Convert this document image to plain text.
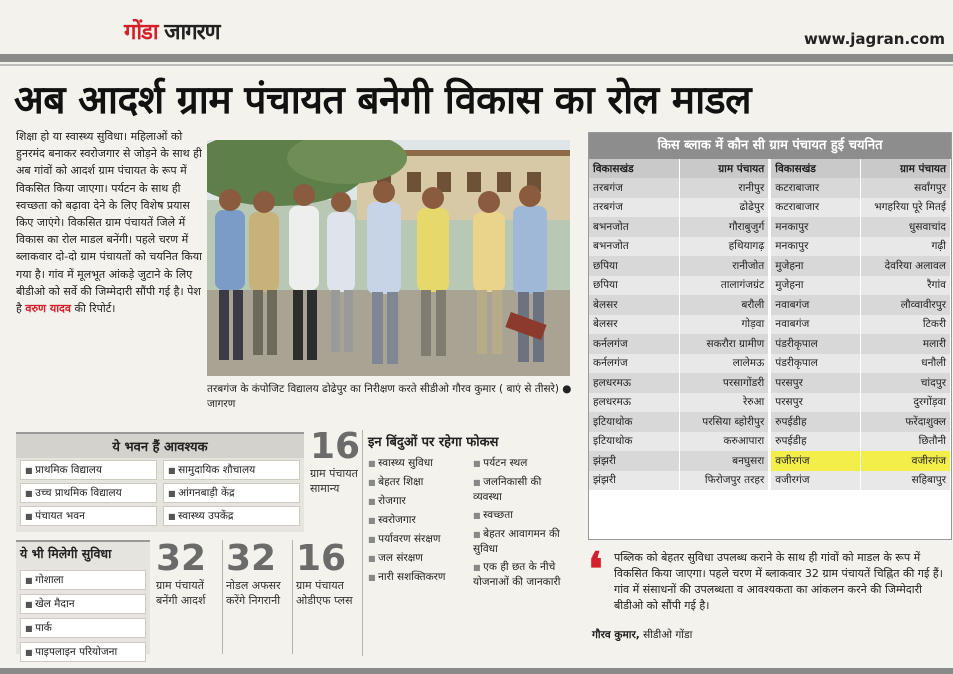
गोंडा जागरण	www.jagran.com
अब आदर्श ग्राम पंचायत बनेगी विकास का रोल माडल
शिक्षा हो या स्वास्थ्य सुविधा। महिलाओं को हुनरमंद बनाकर स्वरोजगार से जोड़ने के साथ ही अब गांवों को आदर्श ग्राम पंचायत के रूप में विकसित किया जाएगा। पर्यटन के साथ ही स्वच्छता को बढ़ावा देने के लिए विशेष प्रयास किए जाएंगे। विकसित ग्राम पंचायतें जिले में विकास का रोल माडल बनेंगी। पहले चरण में ब्लाकवार दो-दो ग्राम पंचायतों को चयनित किया गया है। गांव में मूलभूत आंकड़े जुटाने के लिए बीडीओ को सर्वे की जिम्मेदारी सौंपी गई है। पेश है वरुण यादव की रिपोर्ट।
तरबगंज के कंपोजिट विद्यालय ढोढेपुर का निरीक्षण करते सीडीओ गौरव कुमार ( बाएं से तीसरे) ● जागरण
ये भवन हैं आवश्यक
■ प्राथमिक विद्यालय	■ सामुदायिक शौचालय
■ उच्च प्राथमिक विद्यालय	■ आंगनबाड़ी केंद्र
■ पंचायत भवन	■ स्वास्थ्य उपकेंद्र
16
ग्राम पंचायत सामान्य
ये भी मिलेगी सुविधा
■ गोशाला
■ खेल मैदान
■ पार्क
■ पाइपलाइन परियोजना
32
ग्राम पंचायतें बनेंगी आदर्श
32
नोडल अफसर करेंगे निगरानी
16
ग्राम पंचायत ओडीएफ प्लस
इन बिंदुओं पर रहेगा फोकस
■ स्वास्थ्य सुविधा
■ बेहतर शिक्षा
■ रोजगार
■ स्वरोजगार
■ पर्यावरण संरक्षण
■ जल संरक्षण
■ नारी सशक्तिकरण
■ पर्यटन स्थल
■ जलनिकासी की व्यवस्था
■ स्वच्छता
■ बेहतर आवागमन की सुविधा
■ एक ही छत के नीचे योजनाओं की जानकारी
किस ब्लाक में कौन सी ग्राम पंचायत हुई चयनित
विकासखंड	ग्राम पंचायत	विकासखंड	ग्राम पंचायत
तरबगंज	रानीपुर	कटराबाजार	सर्वांगपुर
तरबगंज	ढोढेपुर	कटराबाजार	भगहरिया पूरे मितई
बभनजोत	गौराबुजुर्ग	मनकापुर	धुसवाचांद
बभनजोत	हथियागढ़	मनकापुर	गढ़ी
छपिया	रानीजोत	मुजेहना	देवरिया अलावल
छपिया	तालागंजग्रंट	मुजेहना	रैगांव
बेलसर	बरौली	नवाबगंज	लौव्वावीरपुर
बेलसर	गोड़वा	नवाबगंज	टिकरी
कर्नलगंज	सकरौरा ग्रामीण	पंडरीकृपाल	मलारी
कर्नलगंज	लालेमऊ	पंडरीकृपाल	धनौली
हलधरमऊ	परसागोंडरी	परसपुर	चांदपुर
हलधरमऊ	रेरुआ	परसपुर	दुरगोंड़वा
इटियाथोक	परसिया ब्होरीपुर	रुपईडीह	फरेंदाशुक्ल
इटियाथोक	करुआपारा	रुपईडीह	छितौनी
झंझरी	बनघुसरा	वजीरगंज	वजीरगंज
झंझरी	फिरोजपुर तरहर	वजीरगंज	सहिबापुर
❛ पब्लिक को बेहतर सुविधा उपलब्ध कराने के साथ ही गांवों को माडल के रूप में विकसित किया जाएगा। पहले चरण में ब्लाकवार 32 ग्राम पंचायतें चिह्नित की गई हैं। गांव में संसाधनों की उपलब्धता व आवश्यकता का आंकलन करने की जिम्मेदारी बीडीओ को सौंपी गई है।
गौरव कुमार, सीडीओ गोंडा
